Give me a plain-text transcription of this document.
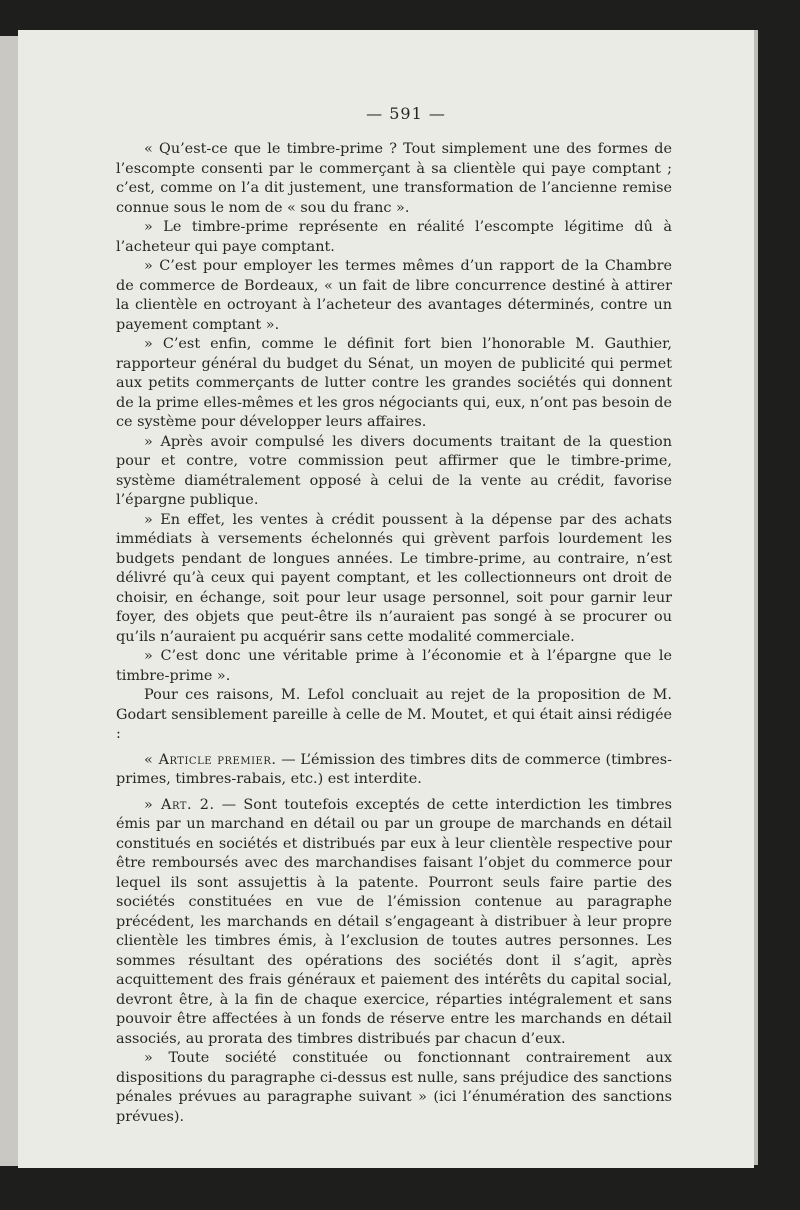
— 591 —

« Qu’est-ce que le timbre-prime ? Tout simplement une des formes de l’escompte consenti par le commerçant à sa clientèle qui paye comptant ; c’est, comme on l’a dit justement, une transformation de l’ancienne remise connue sous le nom de « sou du franc ».

» Le timbre-prime représente en réalité l’escompte légitime dû à l’acheteur qui paye comptant.

» C’est pour employer les termes mêmes d’un rapport de la Chambre de commerce de Bordeaux, « un fait de libre concurrence destiné à attirer la clientèle en octroyant à l’acheteur des avantages déterminés, contre un payement comptant ».

» C’est enfin, comme le définit fort bien l’honorable M. Gauthier, rapporteur général du budget du Sénat, un moyen de publicité qui permet aux petits commerçants de lutter contre les grandes sociétés qui donnent de la prime elles-mêmes et les gros négociants qui, eux, n’ont pas besoin de ce système pour développer leurs affaires.

» Après avoir compulsé les divers documents traitant de la question pour et contre, votre commission peut affirmer que le timbre-prime, système diamétralement opposé à celui de la vente au crédit, favorise l’épargne publique.

» En effet, les ventes à crédit poussent à la dépense par des achats immédiats à versements échelonnés qui grèvent parfois lourdement les budgets pendant de longues années. Le timbre-prime, au contraire, n’est délivré qu’à ceux qui payent comptant, et les collectionneurs ont droit de choisir, en échange, soit pour leur usage personnel, soit pour garnir leur foyer, des objets que peut-être ils n’auraient pas songé à se procurer ou qu’ils n’auraient pu acquérir sans cette modalité commerciale.

» C’est donc une véritable prime à l’économie et à l’épargne que le timbre-prime ».

Pour ces raisons, M. Lefol concluait au rejet de la proposition de M. Godart sensiblement pareille à celle de M. Moutet, et qui était ainsi rédigée :

« Article premier. — L’émission des timbres dits de commerce (timbres-primes, timbres-rabais, etc.) est interdite.

» Art. 2. — Sont toutefois exceptés de cette interdiction les timbres émis par un marchand en détail ou par un groupe de marchands en détail constitués en sociétés et distribués par eux à leur clientèle respective pour être remboursés avec des marchandises faisant l’objet du commerce pour lequel ils sont assujettis à la patente. Pourront seuls faire partie des sociétés constituées en vue de l’émission contenue au paragraphe précédent, les marchands en détail s’engageant à distribuer à leur propre clientèle les timbres émis, à l’exclusion de toutes autres personnes. Les sommes résultant des opérations des sociétés dont il s’agit, après acquittement des frais généraux et paiement des intérêts du capital social, devront être, à la fin de chaque exercice, réparties intégralement et sans pouvoir être affectées à un fonds de réserve entre les marchands en détail associés, au prorata des timbres distribués par chacun d’eux.

» Toute société constituée ou fonctionnant contrairement aux dispositions du paragraphe ci-dessus est nulle, sans préjudice des sanctions pénales prévues au paragraphe suivant » (ici l’énumération des sanctions prévues).
